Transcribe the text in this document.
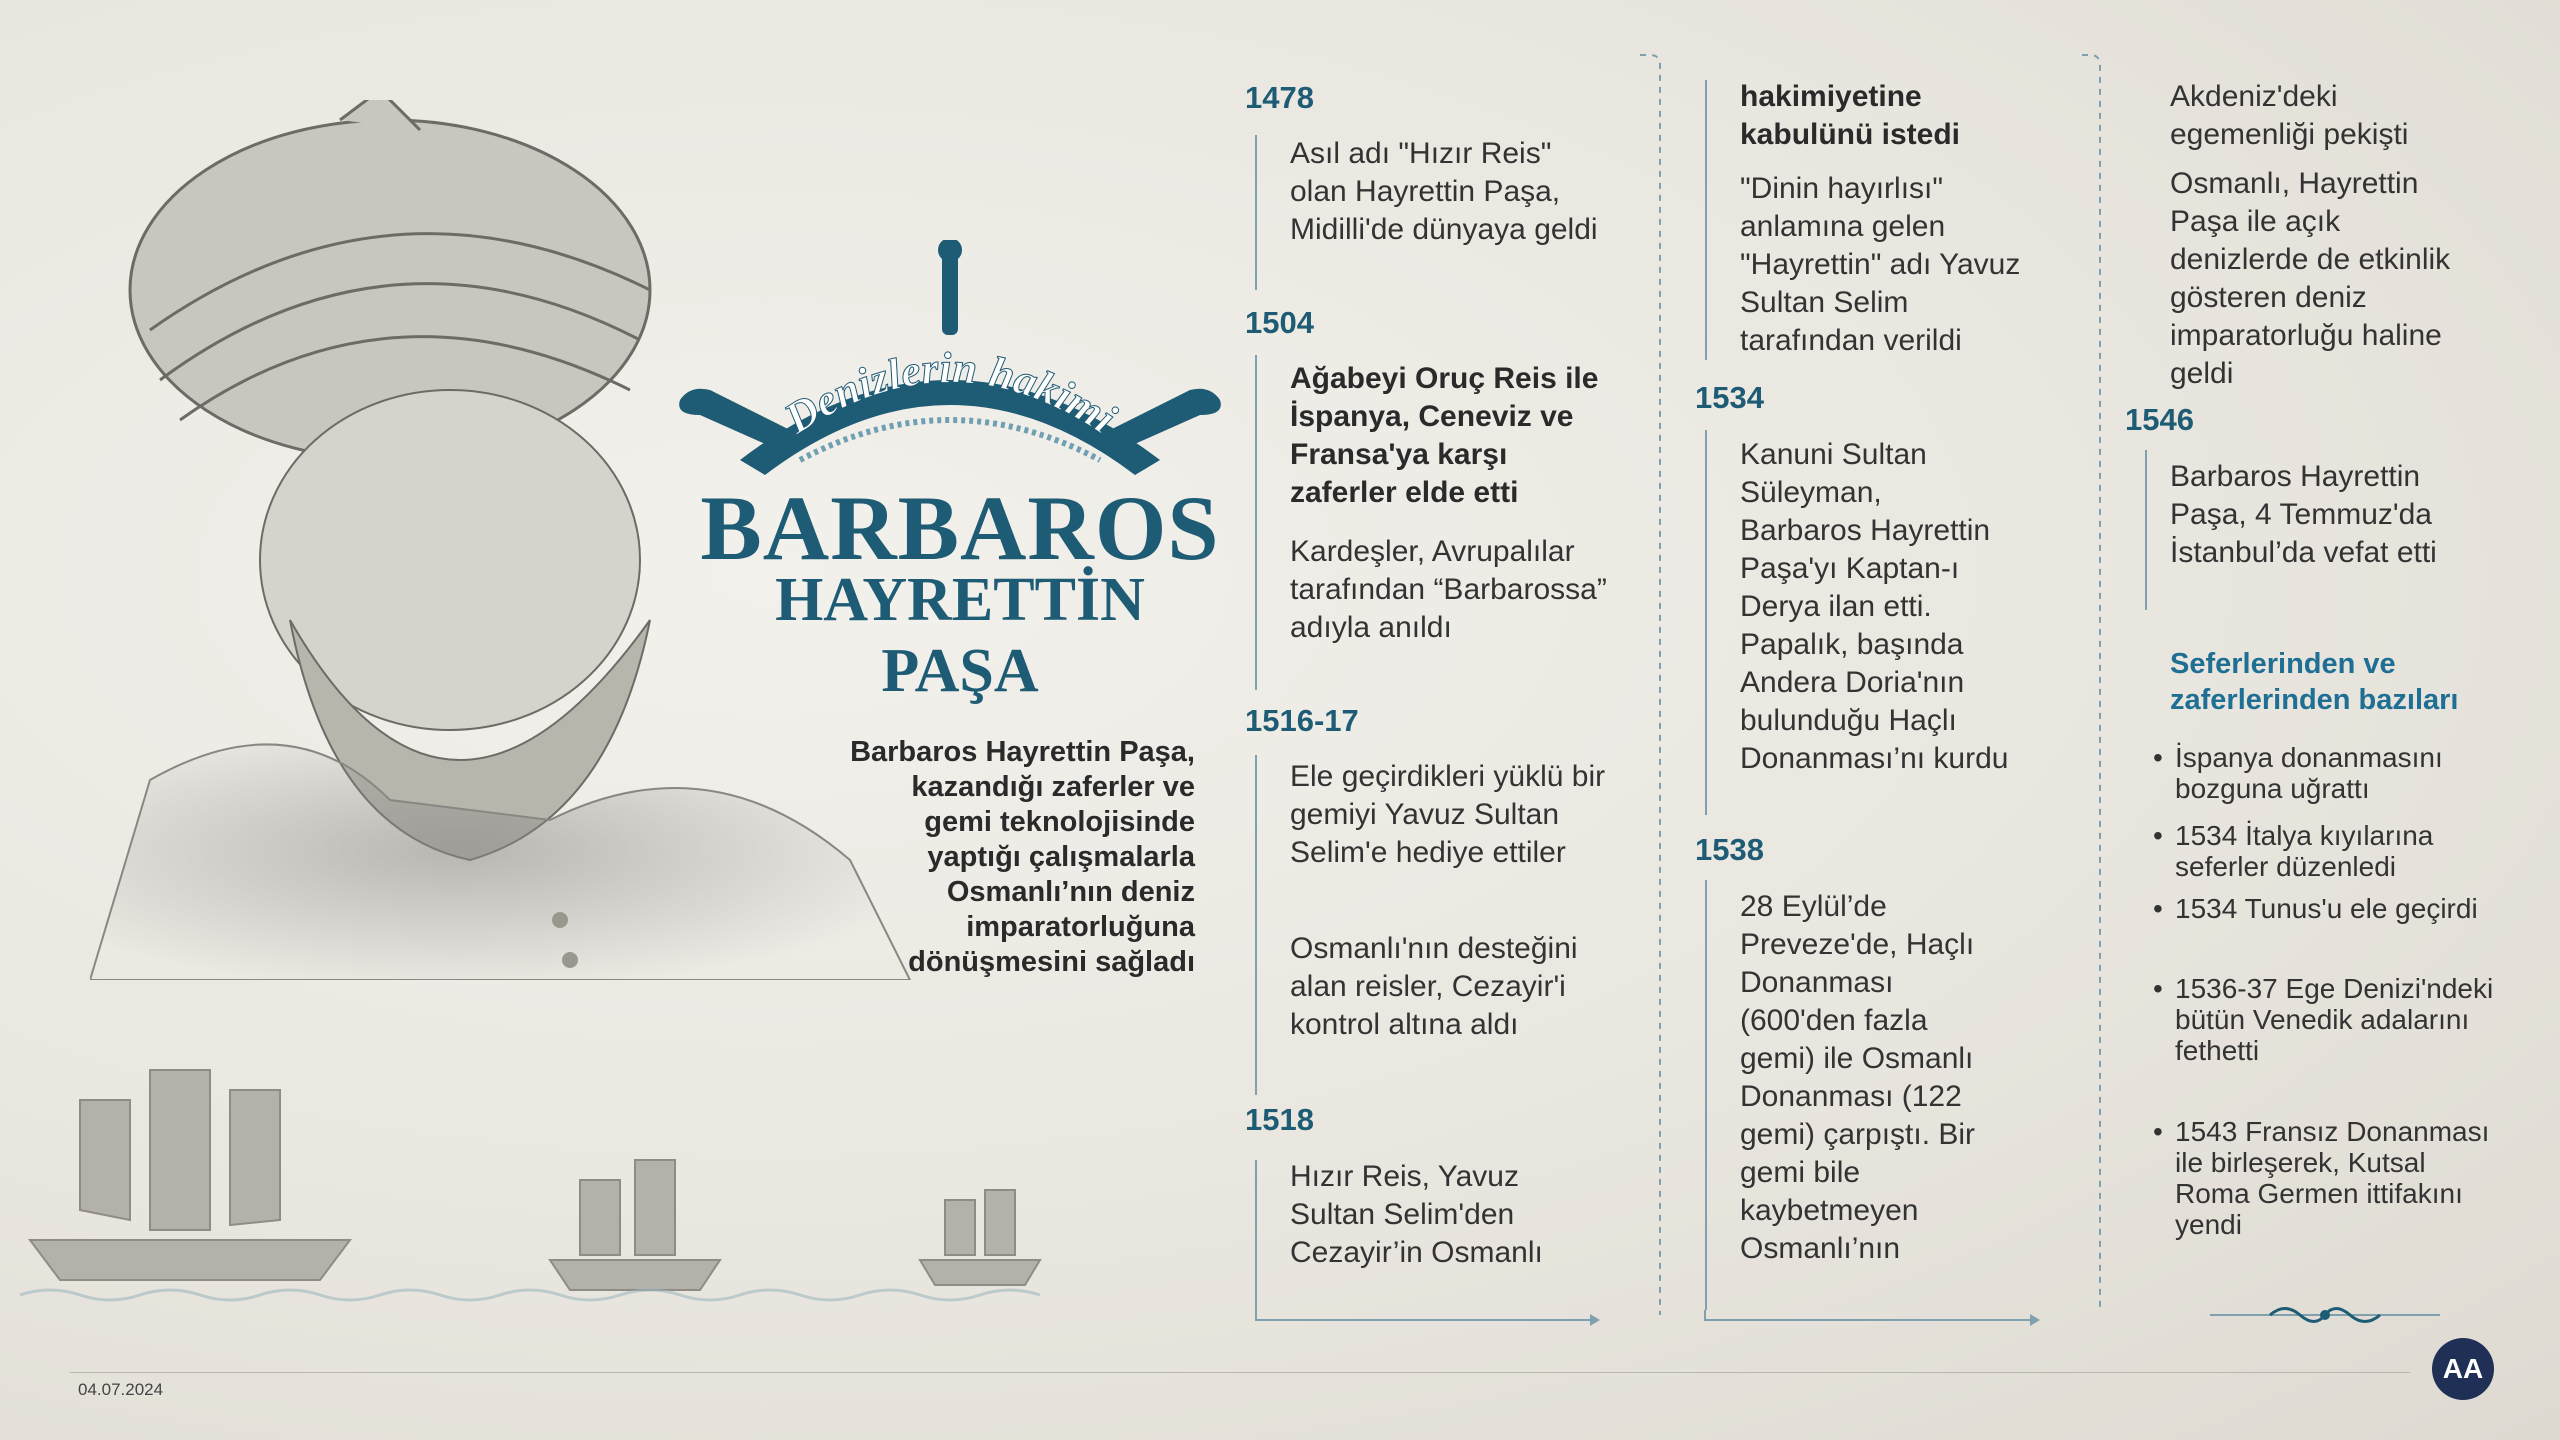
Denizlerin hakimi
BARBAROS
HAYRETTİN PAŞA
Barbaros Hayrettin Paşa, kazandığı zaferler ve gemi teknolojisinde yaptığı çalışmalarla Osmanlı’nın deniz imparatorluğuna dönüşmesini sağladı
1478
Asıl adı "Hızır Reis" olan Hayrettin Paşa, Midilli'de dünyaya geldi
1504
Ağabeyi Oruç Reis ile İspanya, Ceneviz ve Fransa'ya karşı zaferler elde etti
Kardeşler, Avrupalılar tarafından “Barbarossa” adıyla anıldı
1516-17
Ele geçirdikleri yüklü bir gemiyi Yavuz Sultan Selim'e hediye ettiler
Osmanlı'nın desteğini alan reisler, Cezayir'i kontrol altına aldı
1518
Hızır Reis, Yavuz Sultan Selim'den Cezayir’in Osmanlı
hakimiyetine kabulünü istedi
"Dinin hayırlısı" anlamına gelen "Hayrettin" adı Yavuz Sultan Selim tarafından verildi
1534
Kanuni Sultan Süleyman, Barbaros Hayrettin Paşa'yı Kaptan-ı Derya ilan etti. Papalık, başında Andera Doria'nın bulunduğu Haçlı Donanması’nı kurdu
1538
28 Eylül’de Preveze'de, Haçlı Donanması (600'den fazla gemi) ile Osmanlı Donanması (122 gemi) çarpıştı. Bir gemi bile kaybetmeyen Osmanlı’nın
Akdeniz'deki egemenliği pekişti
Osmanlı, Hayrettin Paşa ile açık denizlerde de etkinlik gösteren deniz imparatorluğu haline geldi
1546
Barbaros Hayrettin Paşa, 4 Temmuz'da İstanbul’da vefat etti
Seferlerinden ve zaferlerinden bazıları
• İspanya donanmasını bozguna uğrattı
• 1534 İtalya kıyılarına seferler düzenledi
• 1534 Tunus'u ele geçirdi
• 1536-37 Ege Denizi'ndeki bütün Venedik adalarını fethetti
• 1543 Fransız Donanması ile birleşerek, Kutsal Roma Germen ittifakını yendi
04.07.2024
AA
